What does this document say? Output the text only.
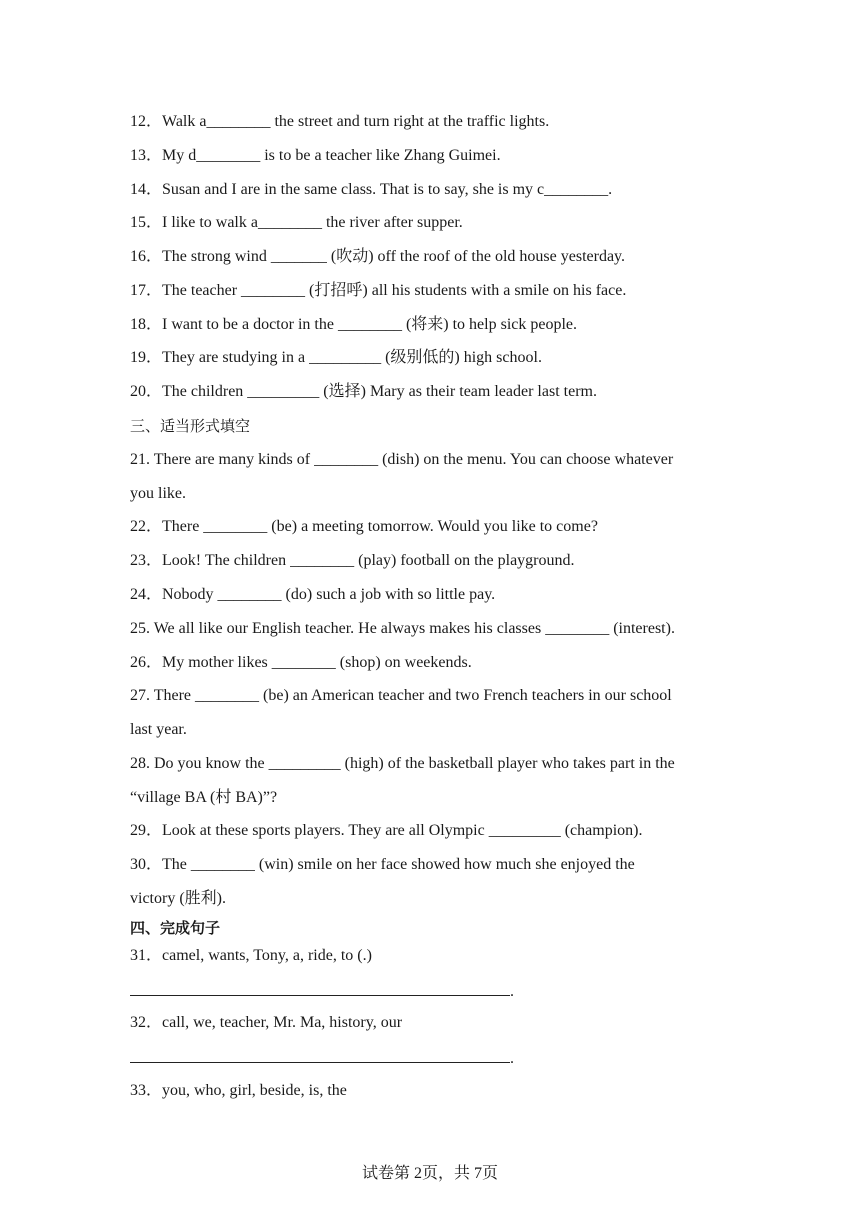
12．Walk a________ the street and turn right at the traffic lights.
13．My d________ is to be a teacher like Zhang Guimei.
14．Susan and I are in the same class. That is to say, she is my c________.
15．I like to walk a________ the river after supper.
16．The strong wind _______ (吹动) off the roof of the old house yesterday.
17．The teacher ________ (打招呼) all his students with a smile on his face.
18．I want to be a doctor in the ________ (将来) to help sick people.
19．They are studying in a _________ (级别低的) high school.
20．The children _________ (选择) Mary as their team leader last term.
三、适当形式填空
21. There are many kinds of ________ (dish) on the menu. You can choose whatever
you like.
22．There ________ (be) a meeting tomorrow. Would you like to come?
23．Look! The children ________ (play) football on the playground.
24．Nobody ________ (do) such a job with so little pay.
25. We all like our English teacher. He always makes his classes ________ (interest).
26．My mother likes ________ (shop) on weekends.
27. There ________ (be) an American teacher and two French teachers in our school
last year.
28. Do you know the _________ (high) of the basketball player who takes part in the
“village BA (村 BA)”?
29．Look at these sports players. They are all Olympic _________ (champion).
30．The ________ (win) smile on her face showed how much she enjoyed the
victory (胜利).
四、完成句子
31．camel, wants, Tony, a, ride, to (.)
.
32．call, we, teacher, Mr. Ma, history, our
.
33．you, who, girl, beside, is, the
试卷第 2页，共 7页
